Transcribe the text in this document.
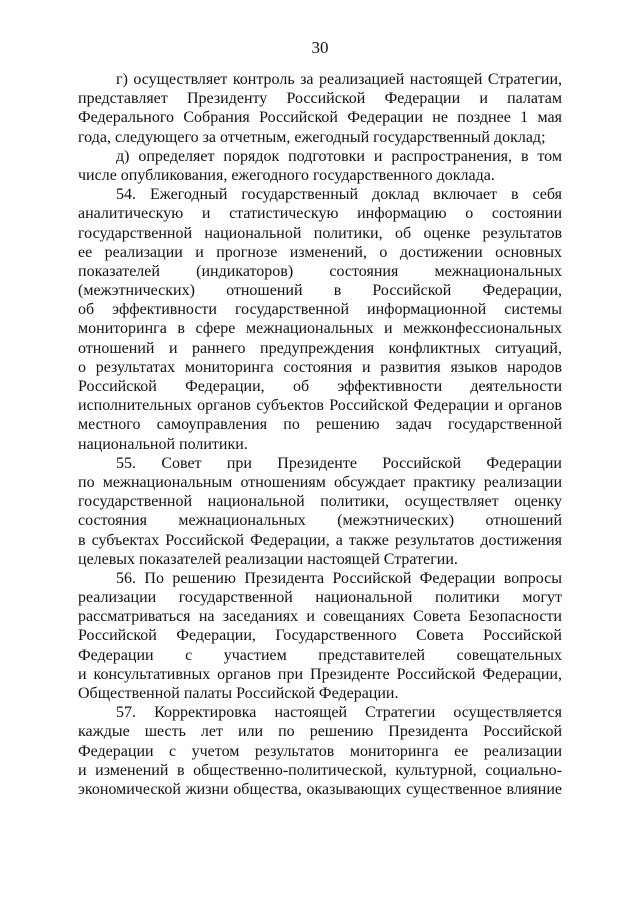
30
г) осуществляет контроль за реализацией настоящей Стратегии,
представляет Президенту Российской Федерации и палатам
Федерального Собрания Российской Федерации не позднее 1 мая
года, следующего за отчетным, ежегодный государственный доклад;
д) определяет порядок подготовки и распространения, в том
числе опубликования, ежегодного государственного доклада.
54. Ежегодный государственный доклад включает в себя
аналитическую и статистическую информацию о состоянии
государственной национальной политики, об оценке результатов
ее реализации и прогнозе изменений, о достижении основных
показателей (индикаторов) состояния межнациональных
(межэтнических) отношений в Российской Федерации,
об эффективности государственной информационной системы
мониторинга в сфере межнациональных и межконфессиональных
отношений и раннего предупреждения конфликтных ситуаций,
о результатах мониторинга состояния и развития языков народов
Российской Федерации, об эффективности деятельности
исполнительных органов субъектов Российской Федерации и органов
местного самоуправления по решению задач государственной
национальной политики.
55. Совет при Президенте Российской Федерации
по межнациональным отношениям обсуждает практику реализации
государственной национальной политики, осуществляет оценку
состояния межнациональных (межэтнических) отношений
в субъектах Российской Федерации, а также результатов достижения
целевых показателей реализации настоящей Стратегии.
56. По решению Президента Российской Федерации вопросы
реализации государственной национальной политики могут
рассматриваться на заседаниях и совещаниях Совета Безопасности
Российской Федерации, Государственного Совета Российской
Федерации с участием представителей совещательных
и консультативных органов при Президенте Российской Федерации,
Общественной палаты Российской Федерации.
57. Корректировка настоящей Стратегии осуществляется
каждые шесть лет или по решению Президента Российской
Федерации с учетом результатов мониторинга ее реализации
и изменений в общественно-политической, культурной, социально-
экономической жизни общества, оказывающих существенное влияние
